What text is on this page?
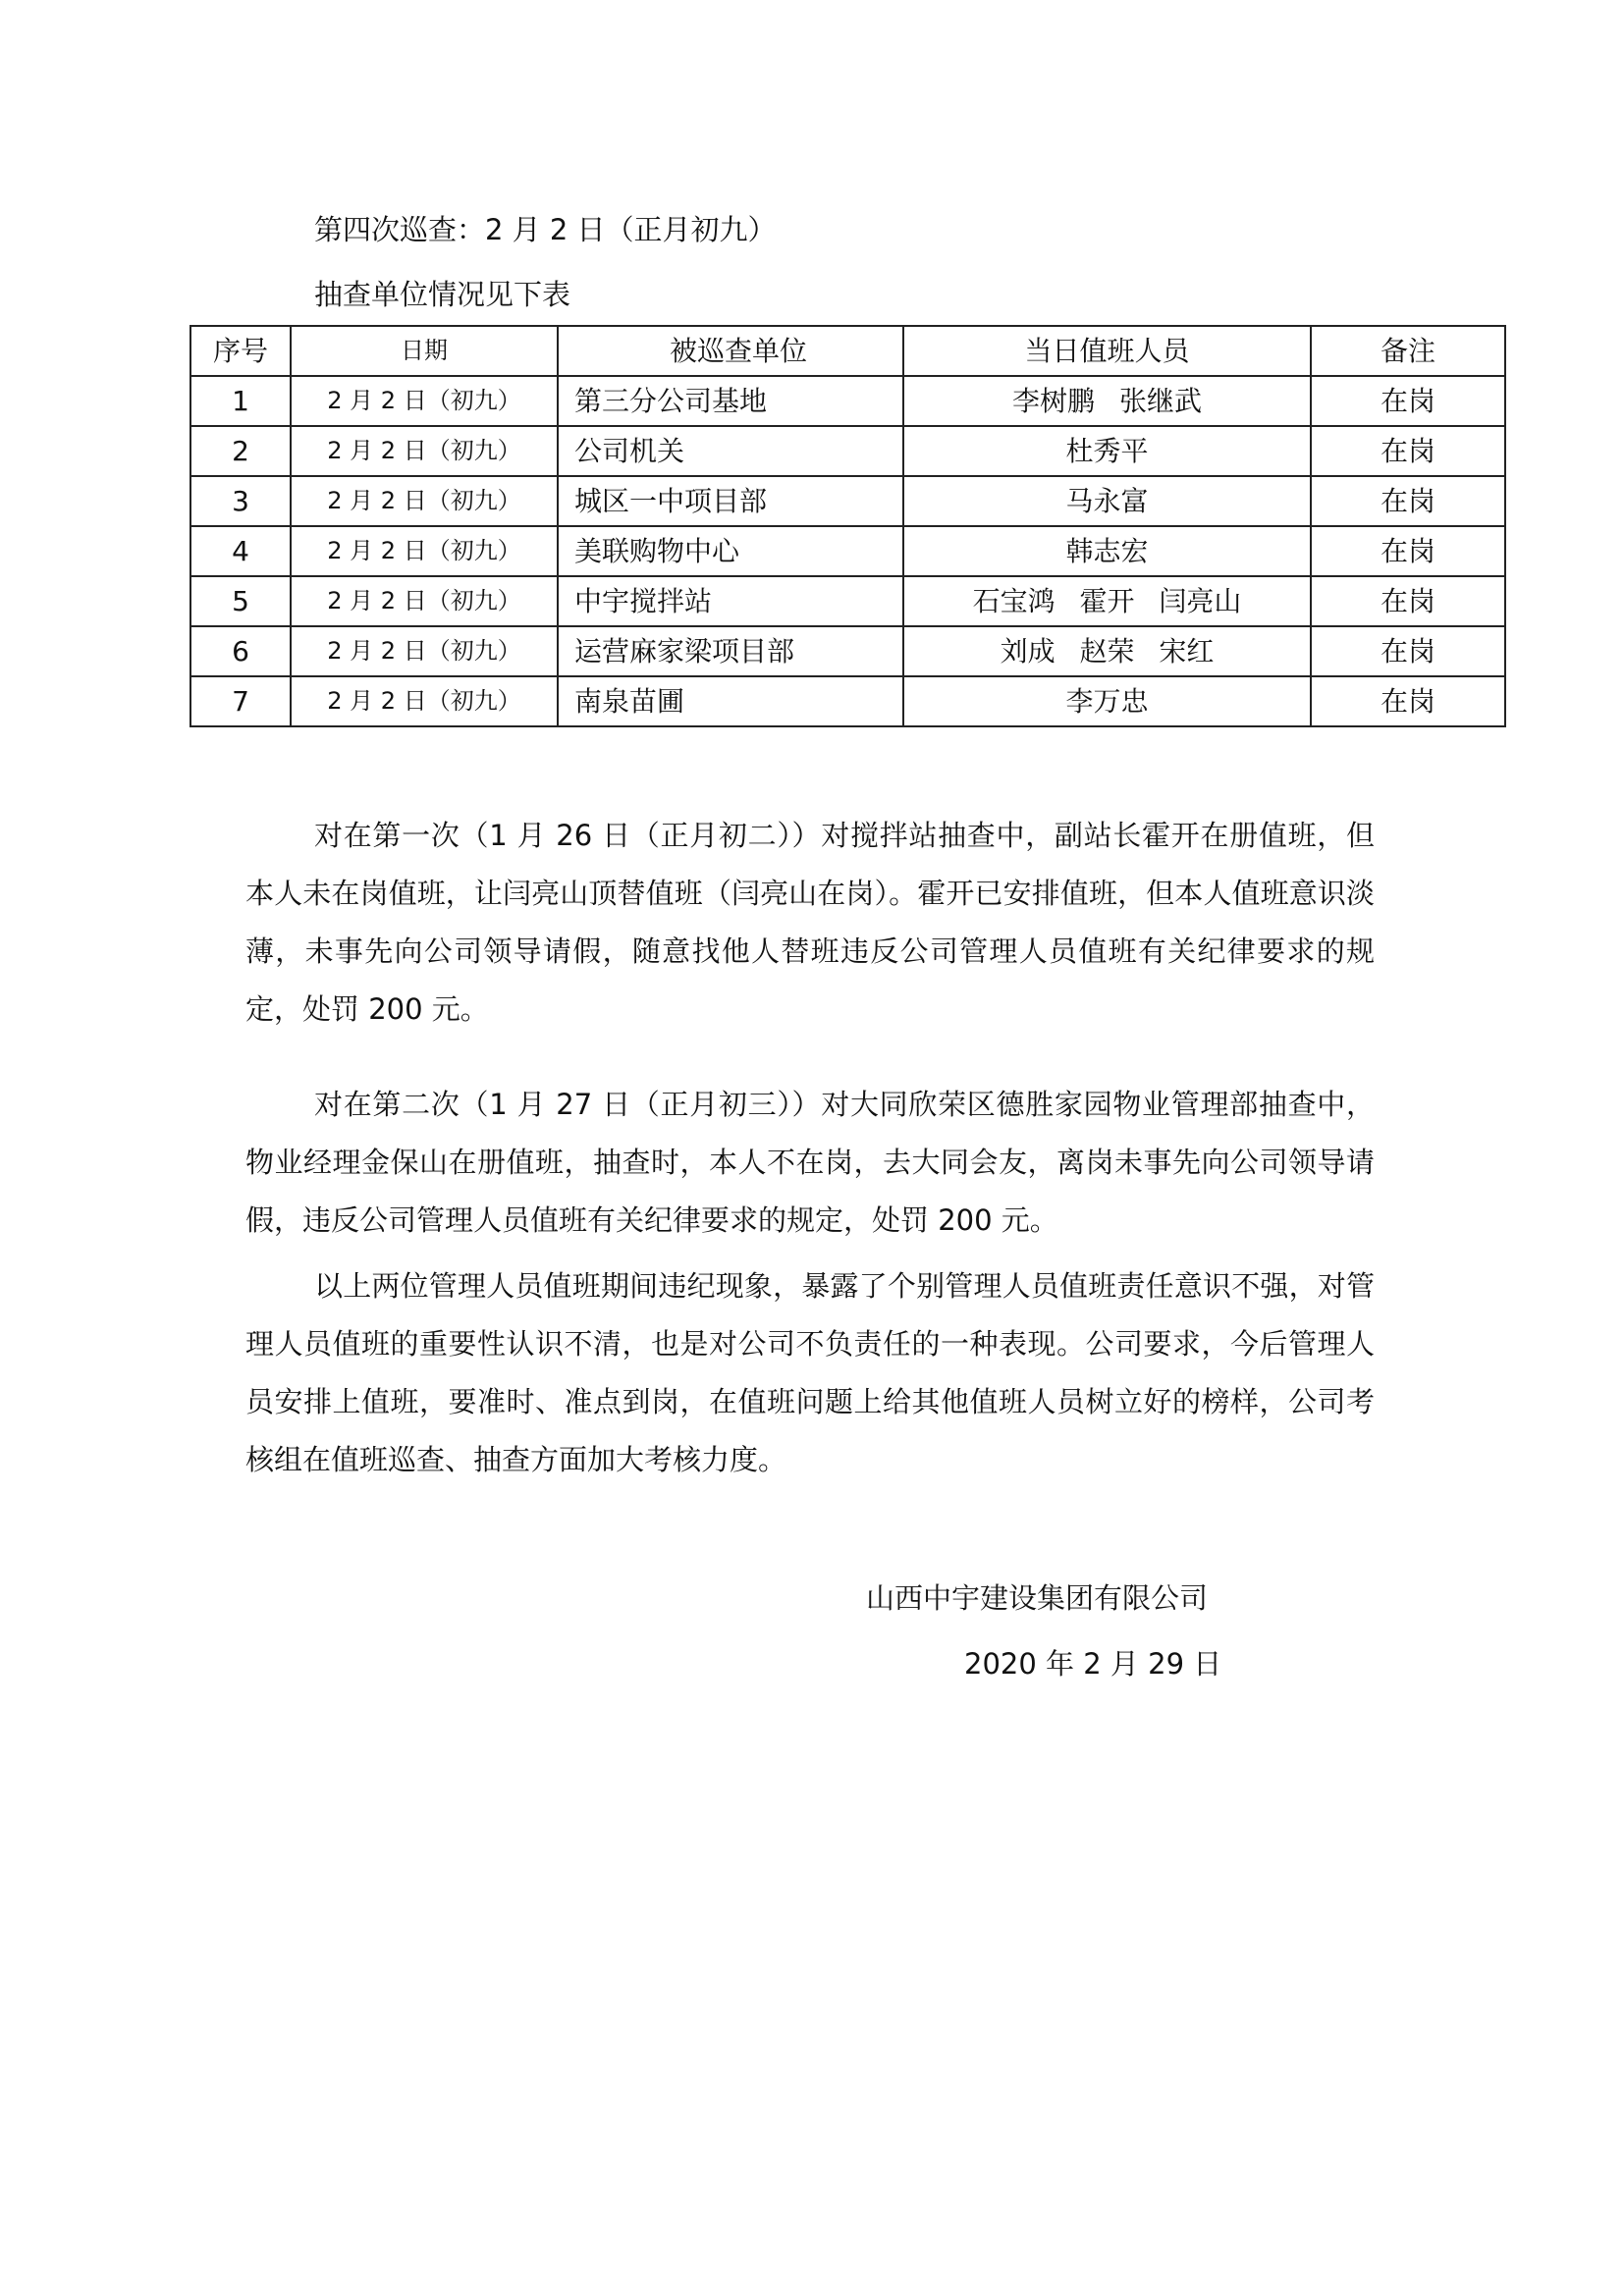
第四次巡查：2 月 2 日（正月初九）
抽查单位情况见下表
序号	日期	被巡查单位	当日值班人员	备注
1	2 月 2 日（初九）	第三分公司基地	李树鹏 张继武	在岗
2	2 月 2 日（初九）	公司机关	杜秀平	在岗
3	2 月 2 日（初九）	城区一中项目部	马永富	在岗
4	2 月 2 日（初九）	美联购物中心	韩志宏	在岗
5	2 月 2 日（初九）	中宇搅拌站	石宝鸿 霍开 闫亮山	在岗
6	2 月 2 日（初九）	运营麻家梁项目部	刘成 赵荣 宋红	在岗
7	2 月 2 日（初九）	南泉苗圃	李万忠	在岗

对在第一次（1 月 26 日（正月初二））对搅拌站抽查中，副站长霍开在册值班，但本人未在岗值班，让闫亮山顶替值班（闫亮山在岗）。霍开已安排值班，但本人值班意识淡薄，未事先向公司领导请假，随意找他人替班违反公司管理人员值班有关纪律要求的规定，处罚 200 元。

对在第二次（1 月 27 日（正月初三））对大同欣荣区德胜家园物业管理部抽查中，物业经理金保山在册值班，抽查时，本人不在岗，去大同会友，离岗未事先向公司领导请假，违反公司管理人员值班有关纪律要求的规定，处罚 200 元。

以上两位管理人员值班期间违纪现象，暴露了个别管理人员值班责任意识不强，对管理人员值班的重要性认识不清，也是对公司不负责任的一种表现。公司要求，今后管理人员安排上值班，要准时、准点到岗，在值班问题上给其他值班人员树立好的榜样，公司考核组在值班巡查、抽查方面加大考核力度。

山西中宇建设集团有限公司
2020 年 2 月 29 日
